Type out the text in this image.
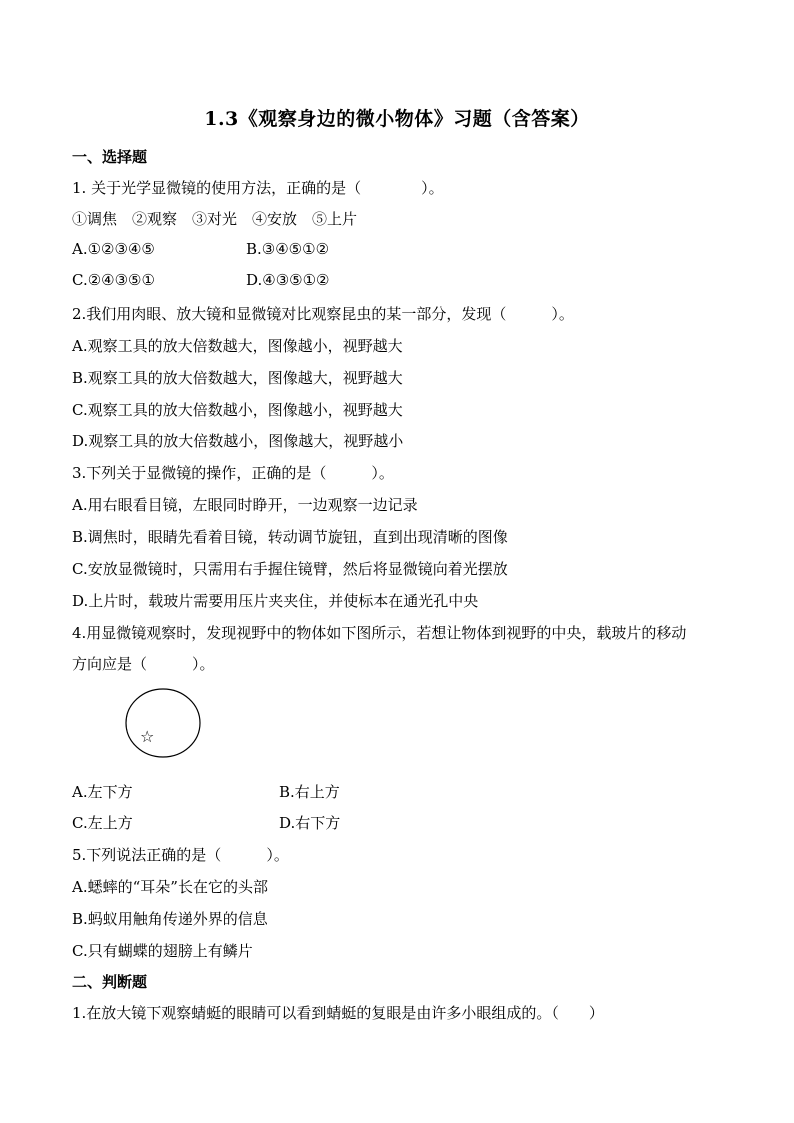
1.3《观察身边的微小物体》习题（含答案）
一、选择题
1. 关于光学显微镜的使用方法，正确的是（　　　　）。
①调焦　②观察　③对光　④安放　⑤上片
A.①②③④⑤	B.③④⑤①②
C.②④③⑤①	D.④③⑤①②
2.我们用肉眼、放大镜和显微镜对比观察昆虫的某一部分，发现（　　　）。
A.观察工具的放大倍数越大，图像越小，视野越大
B.观察工具的放大倍数越大，图像越大，视野越大
C.观察工具的放大倍数越小，图像越小，视野越大
D.观察工具的放大倍数越小，图像越大，视野越小
3.下列关于显微镜的操作，正确的是（　　　）。
A.用右眼看目镜，左眼同时睁开，一边观察一边记录
B.调焦时，眼睛先看着目镜，转动调节旋钮，直到出现清晰的图像
C.安放显微镜时，只需用右手握住镜臂，然后将显微镜向着光摆放
D.上片时，载玻片需要用压片夹夹住，并使标本在通光孔中央
4.用显微镜观察时，发现视野中的物体如下图所示，若想让物体到视野的中央，载玻片的移动
方向应是（　　　）。
☆
A.左下方	B.右上方
C.左上方	D.右下方
5.下列说法正确的是（　　　）。
A.蟋蟀的“耳朵”长在它的头部
B.蚂蚁用触角传递外界的信息
C.只有蝴蝶的翅膀上有鳞片
二、判断题
1.在放大镜下观察蜻蜓的眼睛可以看到蜻蜓的复眼是由许多小眼组成的。（　　）
